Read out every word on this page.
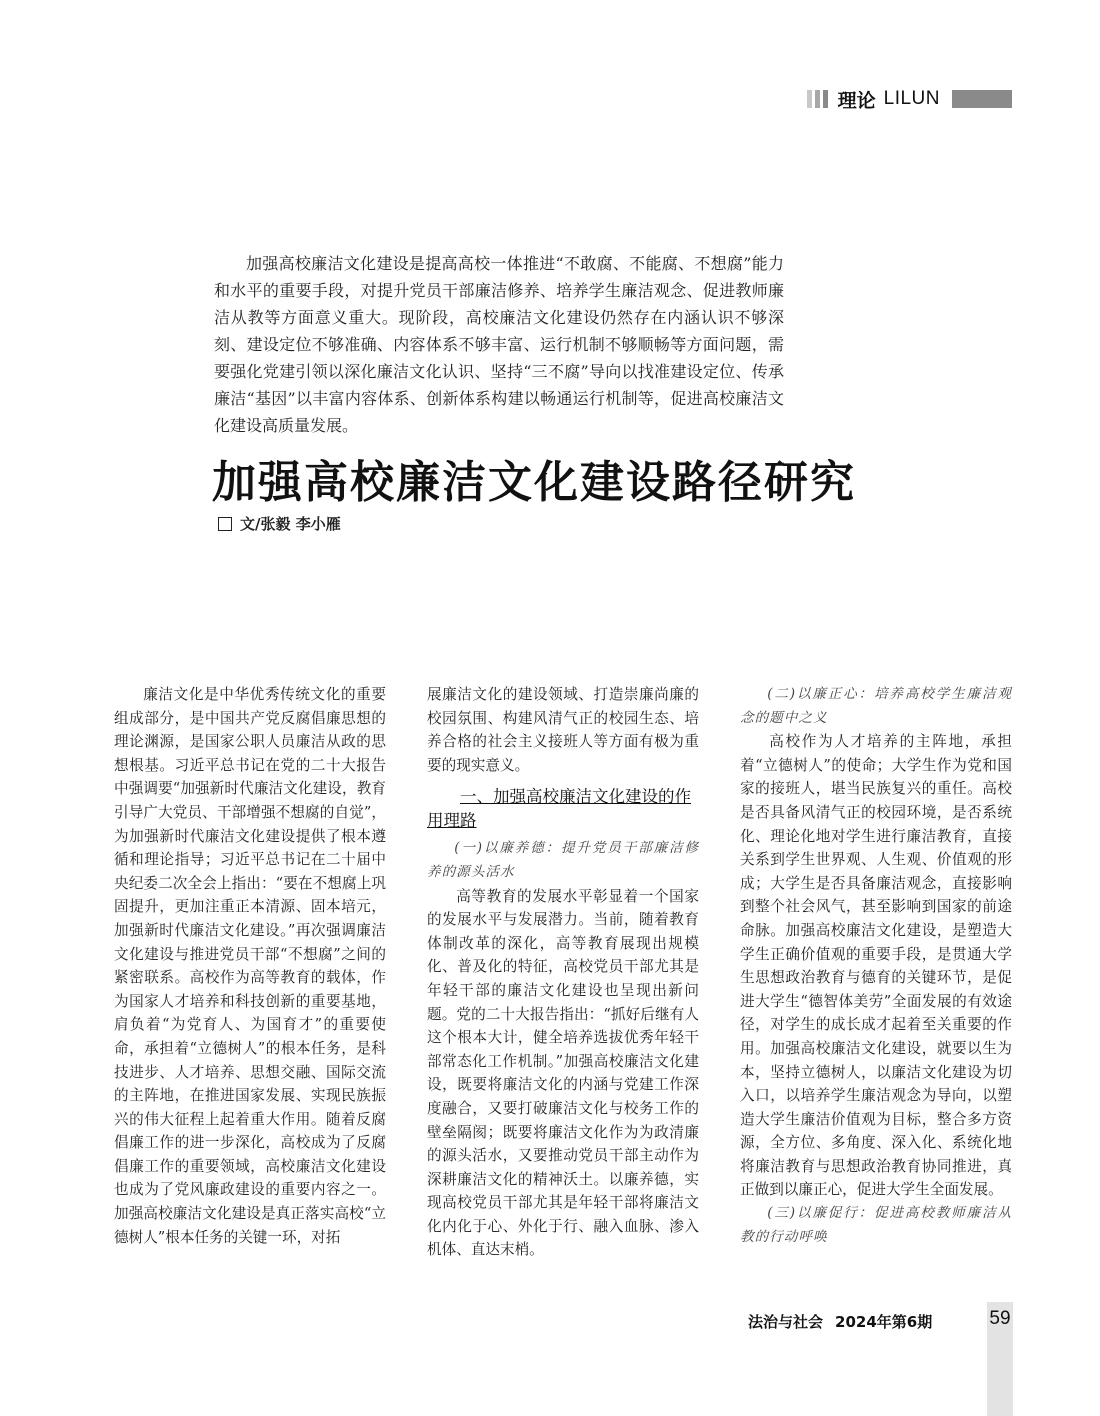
理论 LILUN

加强高校廉洁文化建设是提高高校一体推进“不敢腐、不能腐、不想腐”能力和水平的重要手段，对提升党员干部廉洁修养、培养学生廉洁观念、促进教师廉洁从教等方面意义重大。现阶段，高校廉洁文化建设仍然存在内涵认识不够深刻、建设定位不够准确、内容体系不够丰富、运行机制不够顺畅等方面问题，需要强化党建引领以深化廉洁文化认识、坚持“三不腐”导向以找准建设定位、传承廉洁“基因”以丰富内容体系、创新体系构建以畅通运行机制等，促进高校廉洁文化建设高质量发展。

加强高校廉洁文化建设路径研究
文/张毅 李小雁

廉洁文化是中华优秀传统文化的重要组成部分，是中国共产党反腐倡廉思想的理论渊源，是国家公职人员廉洁从政的思想根基。习近平总书记在党的二十大报告中强调要“加强新时代廉洁文化建设，教育引导广大党员、干部增强不想腐的自觉”，为加强新时代廉洁文化建设提供了根本遵循和理论指导；习近平总书记在二十届中央纪委二次全会上指出：“要在不想腐上巩固提升，更加注重正本清源、固本培元，加强新时代廉洁文化建设。”再次强调廉洁文化建设与推进党员干部“不想腐”之间的紧密联系。高校作为高等教育的载体，作为国家人才培养和科技创新的重要基地，肩负着“为党育人、为国育才”的重要使命，承担着“立德树人”的根本任务，是科技进步、人才培养、思想交融、国际交流的主阵地，在推进国家发展、实现民族振兴的伟大征程上起着重大作用。随着反腐倡廉工作的进一步深化，高校成为了反腐倡廉工作的重要领域，高校廉洁文化建设也成为了党风廉政建设的重要内容之一。加强高校廉洁文化建设是真正落实高校“立德树人”根本任务的关键一环，对拓

展廉洁文化的建设领域、打造崇廉尚廉的校园氛围、构建风清气正的校园生态、培养合格的社会主义接班人等方面有极为重要的现实意义。

一、加强高校廉洁文化建设的作用理路

(一)以廉养德：提升党员干部廉洁修养的源头活水

高等教育的发展水平彰显着一个国家的发展水平与发展潜力。当前，随着教育体制改革的深化，高等教育展现出规模化、普及化的特征，高校党员干部尤其是年轻干部的廉洁文化建设也呈现出新问题。党的二十大报告指出：“抓好后继有人这个根本大计，健全培养选拔优秀年轻干部常态化工作机制。”加强高校廉洁文化建设，既要将廉洁文化的内涵与党建工作深度融合，又要打破廉洁文化与校务工作的壁垒隔阂；既要将廉洁文化作为为政清廉的源头活水，又要推动党员干部主动作为深耕廉洁文化的精神沃土。以廉养德，实现高校党员干部尤其是年轻干部将廉洁文化内化于心、外化于行、融入血脉、渗入机体、直达末梢。

(二)以廉正心：培养高校学生廉洁观念的题中之义

高校作为人才培养的主阵地，承担着“立德树人”的使命；大学生作为党和国家的接班人，堪当民族复兴的重任。高校是否具备风清气正的校园环境，是否系统化、理论化地对学生进行廉洁教育，直接关系到学生世界观、人生观、价值观的形成；大学生是否具备廉洁观念，直接影响到整个社会风气，甚至影响到国家的前途命脉。加强高校廉洁文化建设，是塑造大学生正确价值观的重要手段，是贯通大学生思想政治教育与德育的关键环节，是促进大学生“德智体美劳”全面发展的有效途径，对学生的成长成才起着至关重要的作用。加强高校廉洁文化建设，就要以生为本，坚持立德树人，以廉洁文化建设为切入口，以培养学生廉洁观念为导向，以塑造大学生廉洁价值观为目标，整合多方资源，全方位、多角度、深入化、系统化地将廉洁教育与思想政治教育协同推进，真正做到以廉正心，促进大学生全面发展。

(三)以廉促行：促进高校教师廉洁从教的行动呼唤

法治与社会 2024年第6期	59
